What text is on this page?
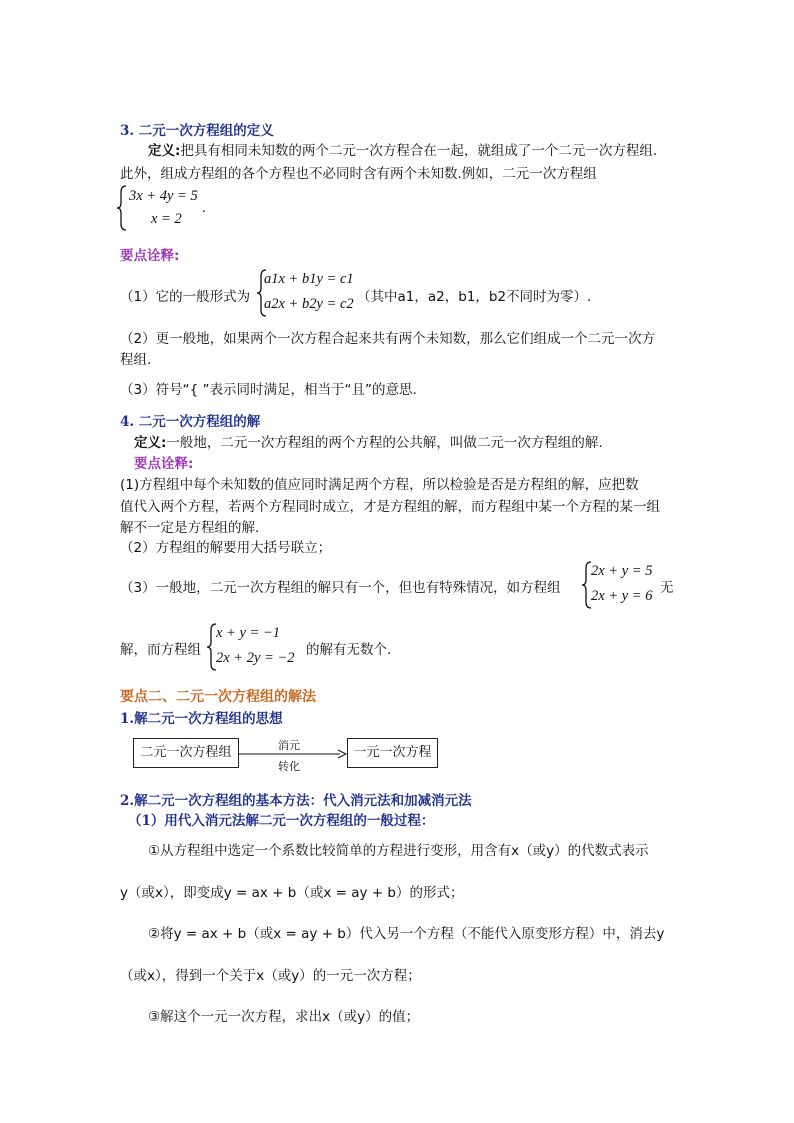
3. 二元一次方程组的定义
定义:把具有相同未知数的两个二元一次方程合在一起，就组成了一个二元一次方程组.
此外，组成方程组的各个方程也不必同时含有两个未知数.例如，二元一次方程组
3x + 4y = 5
x = 2
.
要点诠释:
（1）它的一般形式为
a1x + b1y = c1
a2x + b2y = c2 （其中a1，a2，b1，b2不同时为零）.
（2）更一般地，如果两个一次方程合起来共有两个未知数，那么它们组成一个二元一次方
程组.
（3）符号“{ ”表示同时满足，相当于“且”的意思.
4. 二元一次方程组的解
定义:一般地，二元一次方程组的两个方程的公共解，叫做二元一次方程组的解.
要点诠释:
(1)方程组中每个未知数的值应同时满足两个方程，所以检验是否是方程组的解，应把数
值代入两个方程，若两个方程同时成立，才是方程组的解，而方程组中某一个方程的某一组
解不一定是方程组的解.
（2）方程组的解要用大括号联立；
（3）一般地，二元一次方程组的解只有一个，但也有特殊情况，如方程组
2x + y = 5
2x + y = 6 无
解，而方程组
x + y = −1
2x + 2y = −2 的解有无数个.
要点二、二元一次方程组的解法
1.解二元一次方程组的思想
二元一次方程组	消元
转化
一元一次方程
2.解二元一次方程组的基本方法：代入消元法和加减消元法
（1）用代入消元法解二元一次方程组的一般过程：
①从方程组中选定一个系数比较简单的方程进行变形，用含有x（或y）的代数式表示
y（或x），即变成y = ax + b（或x = ay + b）的形式；
②将y = ax + b（或x = ay + b）代入另一个方程（不能代入原变形方程）中，消去y
（或x），得到一个关于x（或y）的一元一次方程；
③解这个一元一次方程，求出x（或y）的值；
